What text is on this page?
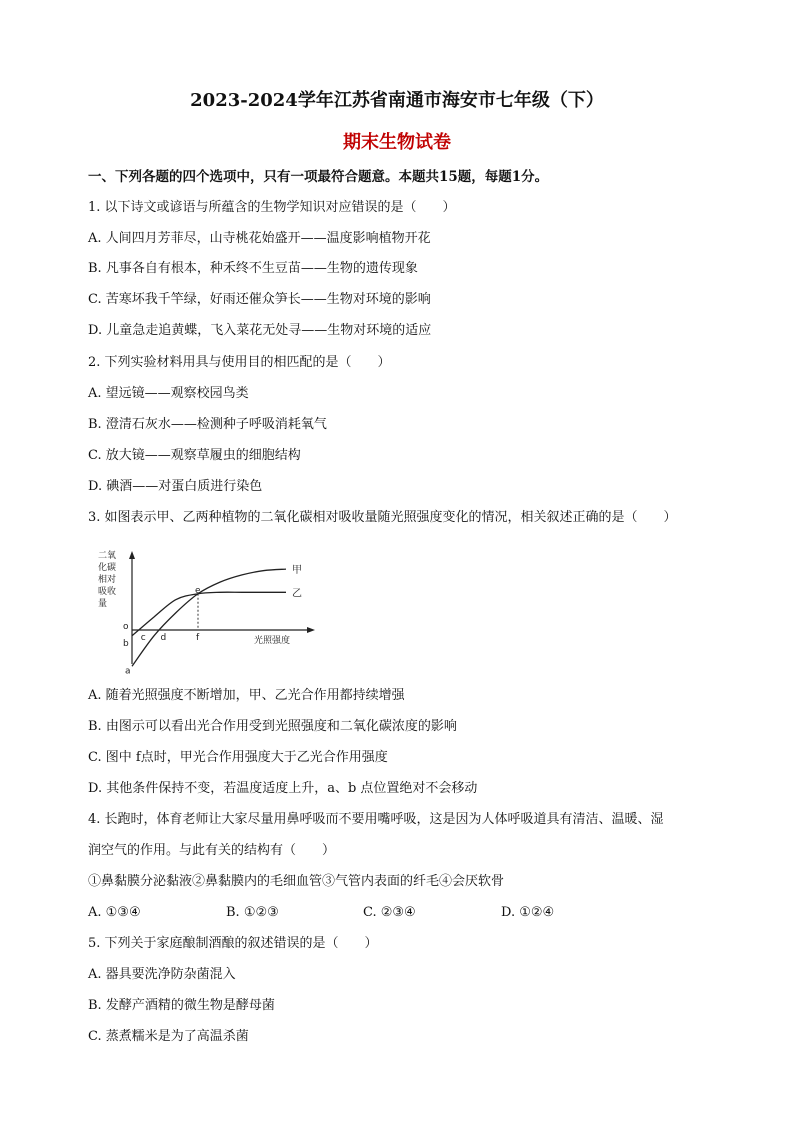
2023-2024学年江苏省南通市海安市七年级（下）
期末生物试卷
一、下列各题的四个选项中，只有一项最符合题意。本题共15题，每题1分。
1. 以下诗文或谚语与所蕴含的生物学知识对应错误的是（　　）
A. 人间四月芳菲尽，山寺桃花始盛开——温度影响植物开花
B. 凡事各自有根本，种禾终不生豆苗——生物的遗传现象
C. 苦寒坏我千竿绿，好雨还催众笋长——生物对环境的影响
D. 儿童急走追黄蝶，飞入菜花无处寻——生物对环境的适应
2. 下列实验材料用具与使用目的相匹配的是（　　）
A. 望远镜——观察校园鸟类
B. 澄清石灰水——检测种子呼吸消耗氧气
C. 放大镜——观察草履虫的细胞结构
D. 碘酒——对蛋白质进行染色
3. 如图表示甲、乙两种植物的二氧化碳相对吸收量随光照强度变化的情况，相关叙述正确的是（　　）
二氧
化碳
相对
吸收
量
甲
乙
o
a
b
c d
e
f	光照强度
A. 随着光照强度不断增加，甲、乙光合作用都持续增强
B. 由图示可以看出光合作用受到光照强度和二氧化碳浓度的影响
C. 图中 f点时，甲光合作用强度大于乙光合作用强度
D. 其他条件保持不变，若温度适度上升，a、b 点位置绝对不会移动
4. 长跑时，体育老师让大家尽量用鼻呼吸而不要用嘴呼吸，这是因为人体呼吸道具有清洁、温暖、湿
润空气的作用。与此有关的结构有（　　）
①鼻黏膜分泌黏液②鼻黏膜内的毛细血管③气管内表面的纤毛④会厌软骨
A. ①③④	B. ①②③	C. ②③④	D. ①②④
5. 下列关于家庭酿制酒酿的叙述错误的是（　　）
A. 器具要洗净防杂菌混入
B. 发酵产酒精的微生物是酵母菌
C. 蒸煮糯米是为了高温杀菌
